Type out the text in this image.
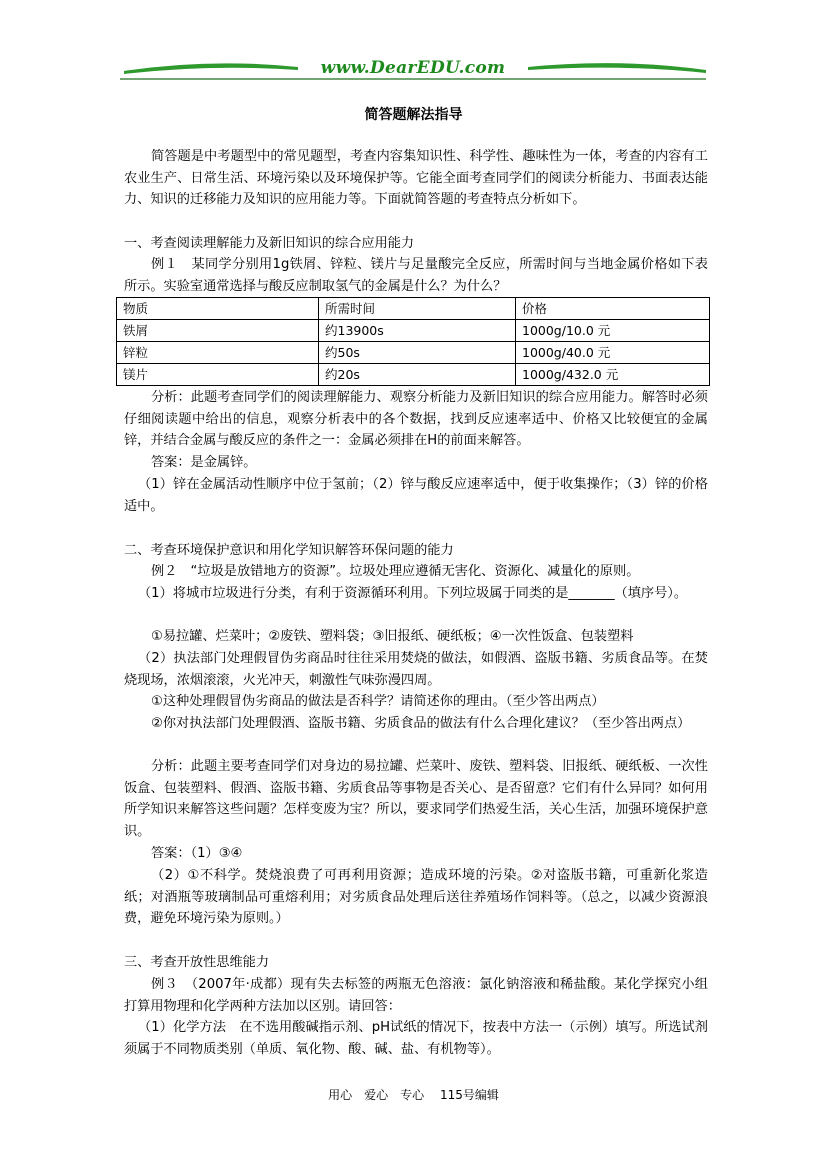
www.DearEDU.com
简答题解法指导

简答题是中考题型中的常见题型，考查内容集知识性、科学性、趣味性为一体，考查的内容有工农业生产、日常生活、环境污染以及环境保护等。它能全面考查同学们的阅读分析能力、书面表达能力、知识的迁移能力及知识的应用能力等。下面就简答题的考查特点分析如下。

一、考查阅读理解能力及新旧知识的综合应用能力

例１　某同学分别用1g铁屑、锌粒、镁片与足量酸完全反应，所需时间与当地金属价格如下表所示。实验室通常选择与酸反应制取氢气的金属是什么？为什么？

物质	所需时间	价格
铁屑	约13900s	1000g/10.0 元
锌粒	约50s	1000g/40.0 元
镁片	约20s	1000g/432.0 元

分析：此题考查同学们的阅读理解能力、观察分析能力及新旧知识的综合应用能力。解答时必须仔细阅读题中给出的信息，观察分析表中的各个数据，找到反应速率适中、价格又比较便宜的金属锌，并结合金属与酸反应的条件之一：金属必须排在H的前面来解答。

答案：是金属锌。

（1）锌在金属活动性顺序中位于氢前；（2）锌与酸反应速率适中，便于收集操作；（3）锌的价格适中。

二、考查环境保护意识和用化学知识解答环保问题的能力

例２　“垃圾是放错地方的资源”。垃圾处理应遵循无害化、资源化、减量化的原则。

（1）将城市垃圾进行分类，有利于资源循环利用。下列垃圾属于同类的是_______（填序号）。

①易拉罐、烂菜叶；②废铁、塑料袋；③旧报纸、硬纸板；④一次性饭盒、包装塑料

（2）执法部门处理假冒伪劣商品时往往采用焚烧的做法，如假酒、盗版书籍、劣质食品等。在焚烧现场，浓烟滚滚，火光冲天，刺激性气味弥漫四周。

①这种处理假冒伪劣商品的做法是否科学？请简述你的理由。（至少答出两点）

②你对执法部门处理假酒、盗版书籍、劣质食品的做法有什么合理化建议？（至少答出两点）

分析：此题主要考查同学们对身边的易拉罐、烂菜叶、废铁、塑料袋、旧报纸、硬纸板、一次性饭盒、包装塑料、假酒、盗版书籍、劣质食品等事物是否关心、是否留意？它们有什么异同？如何用所学知识来解答这些问题？怎样变废为宝？所以，要求同学们热爱生活，关心生活，加强环境保护意识。

答案：（1）③④

（2）①不科学。焚烧浪费了可再利用资源；造成环境的污染。②对盗版书籍，可重新化浆造纸；对酒瓶等玻璃制品可重熔利用；对劣质食品处理后送往养殖场作饲料等。（总之，以减少资源浪费，避免环境污染为原则。）

三、考查开放性思维能力

例３　（2007年·成都）现有失去标签的两瓶无色溶液：氯化钠溶液和稀盐酸。某化学探究小组打算用物理和化学两种方法加以区别。请回答：

（1）化学方法　在不选用酸碱指示剂、pH试纸的情况下，按表中方法一（示例）填写。所选试剂须属于不同物质类别（单质、氧化物、酸、碱、盐、有机物等）。

用心　爱心　专心　 115号编辑
